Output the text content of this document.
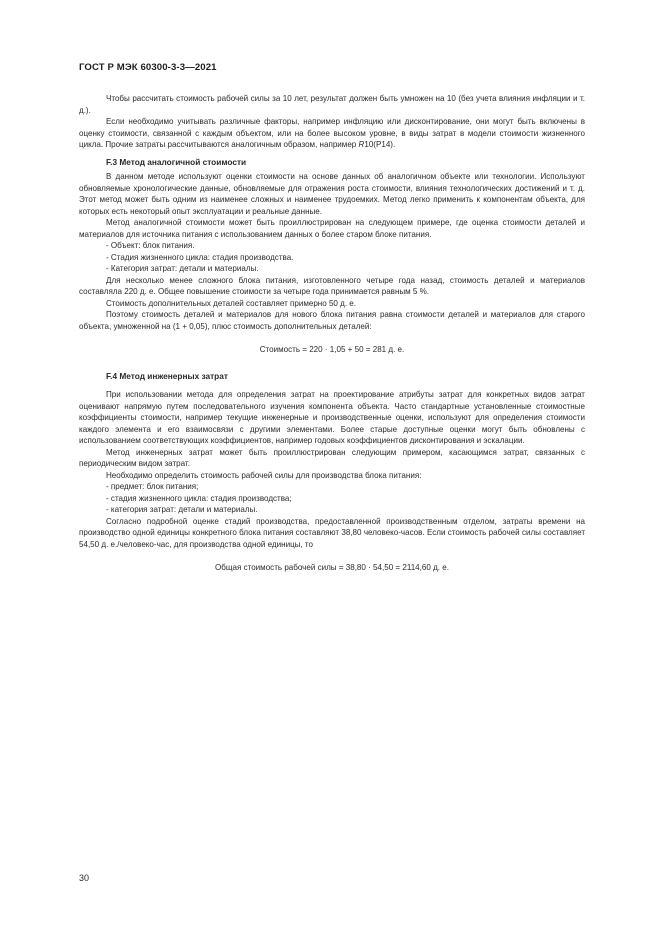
ГОСТ Р МЭК 60300-3-3—2021

Чтобы рассчитать стоимость рабочей силы за 10 лет, результат должен быть умножен на 10 (без учета влияния инфляции и т. д.).

Если необходимо учитывать различные факторы, например инфляцию или дисконтирование, они могут быть включены в оценку стоимости, связанной с каждым объектом, или на более высоком уровне, в виды затрат в модели стоимости жизненного цикла. Прочие затраты рассчитываются аналогичным образом, например R10(P14).

F.3 Метод аналогичной стоимости

В данном методе используют оценки стоимости на основе данных об аналогичном объекте или технологии. Используют обновляемые хронологические данные, обновляемые для отражения роста стоимости, влияния технологических достижений и т. д. Этот метод может быть одним из наименее сложных и наименее трудоемких. Метод легко применить к компонентам объекта, для которых есть некоторый опыт эксплуатации и реальные данные.

Метод аналогичной стоимости может быть проиллюстрирован на следующем примере, где оценка стоимости деталей и материалов для источника питания с использованием данных о более старом блоке питания.

- Объект: блок питания.

- Стадия жизненного цикла: стадия производства.

- Категория затрат: детали и материалы.

Для несколько менее сложного блока питания, изготовленного четыре года назад, стоимость деталей и материалов составляла 220 д. е. Общее повышение стоимости за четыре года принимается равным 5 %.

Стоимость дополнительных деталей составляет примерно 50 д. е.

Поэтому стоимость деталей и материалов для нового блока питания равна стоимости деталей и материалов для старого объекта, умноженной на (1 + 0,05), плюс стоимость дополнительных деталей:

Стоимость = 220 · 1,05 + 50 = 281 д. е.

F.4 Метод инженерных затрат

При использовании метода для определения затрат на проектирование атрибуты затрат для конкретных видов затрат оценивают напрямую путем последовательного изучения компонента объекта. Часто стандартные установленные стоимостные коэффициенты стоимости, например текущие инженерные и производственные оценки, используют для определения стоимости каждого элемента и его взаимосвязи с другими элементами. Более старые доступные оценки могут быть обновлены с использованием соответствующих коэффициентов, например годовых коэффициентов дисконтирования и эскалации.

Метод инженерных затрат может быть проиллюстрирован следующим примером, касающимся затрат, связанных с периодическим видом затрат.

Необходимо определить стоимость рабочей силы для производства блока питания:

- предмет: блок питания;

- стадия жизненного цикла: стадия производства;

- категория затрат: детали и материалы.

Согласно подробной оценке стадий производства, предоставленной производственным отделом, затраты времени на производство одной единицы конкретного блока питания составляют 38,80 человеко-часов. Если стоимость рабочей силы составляет 54,50 д. е./человеко-час, для производства одной единицы, то

Общая стоимость рабочей силы = 38,80 · 54,50 = 2114,60 д. е.

30
